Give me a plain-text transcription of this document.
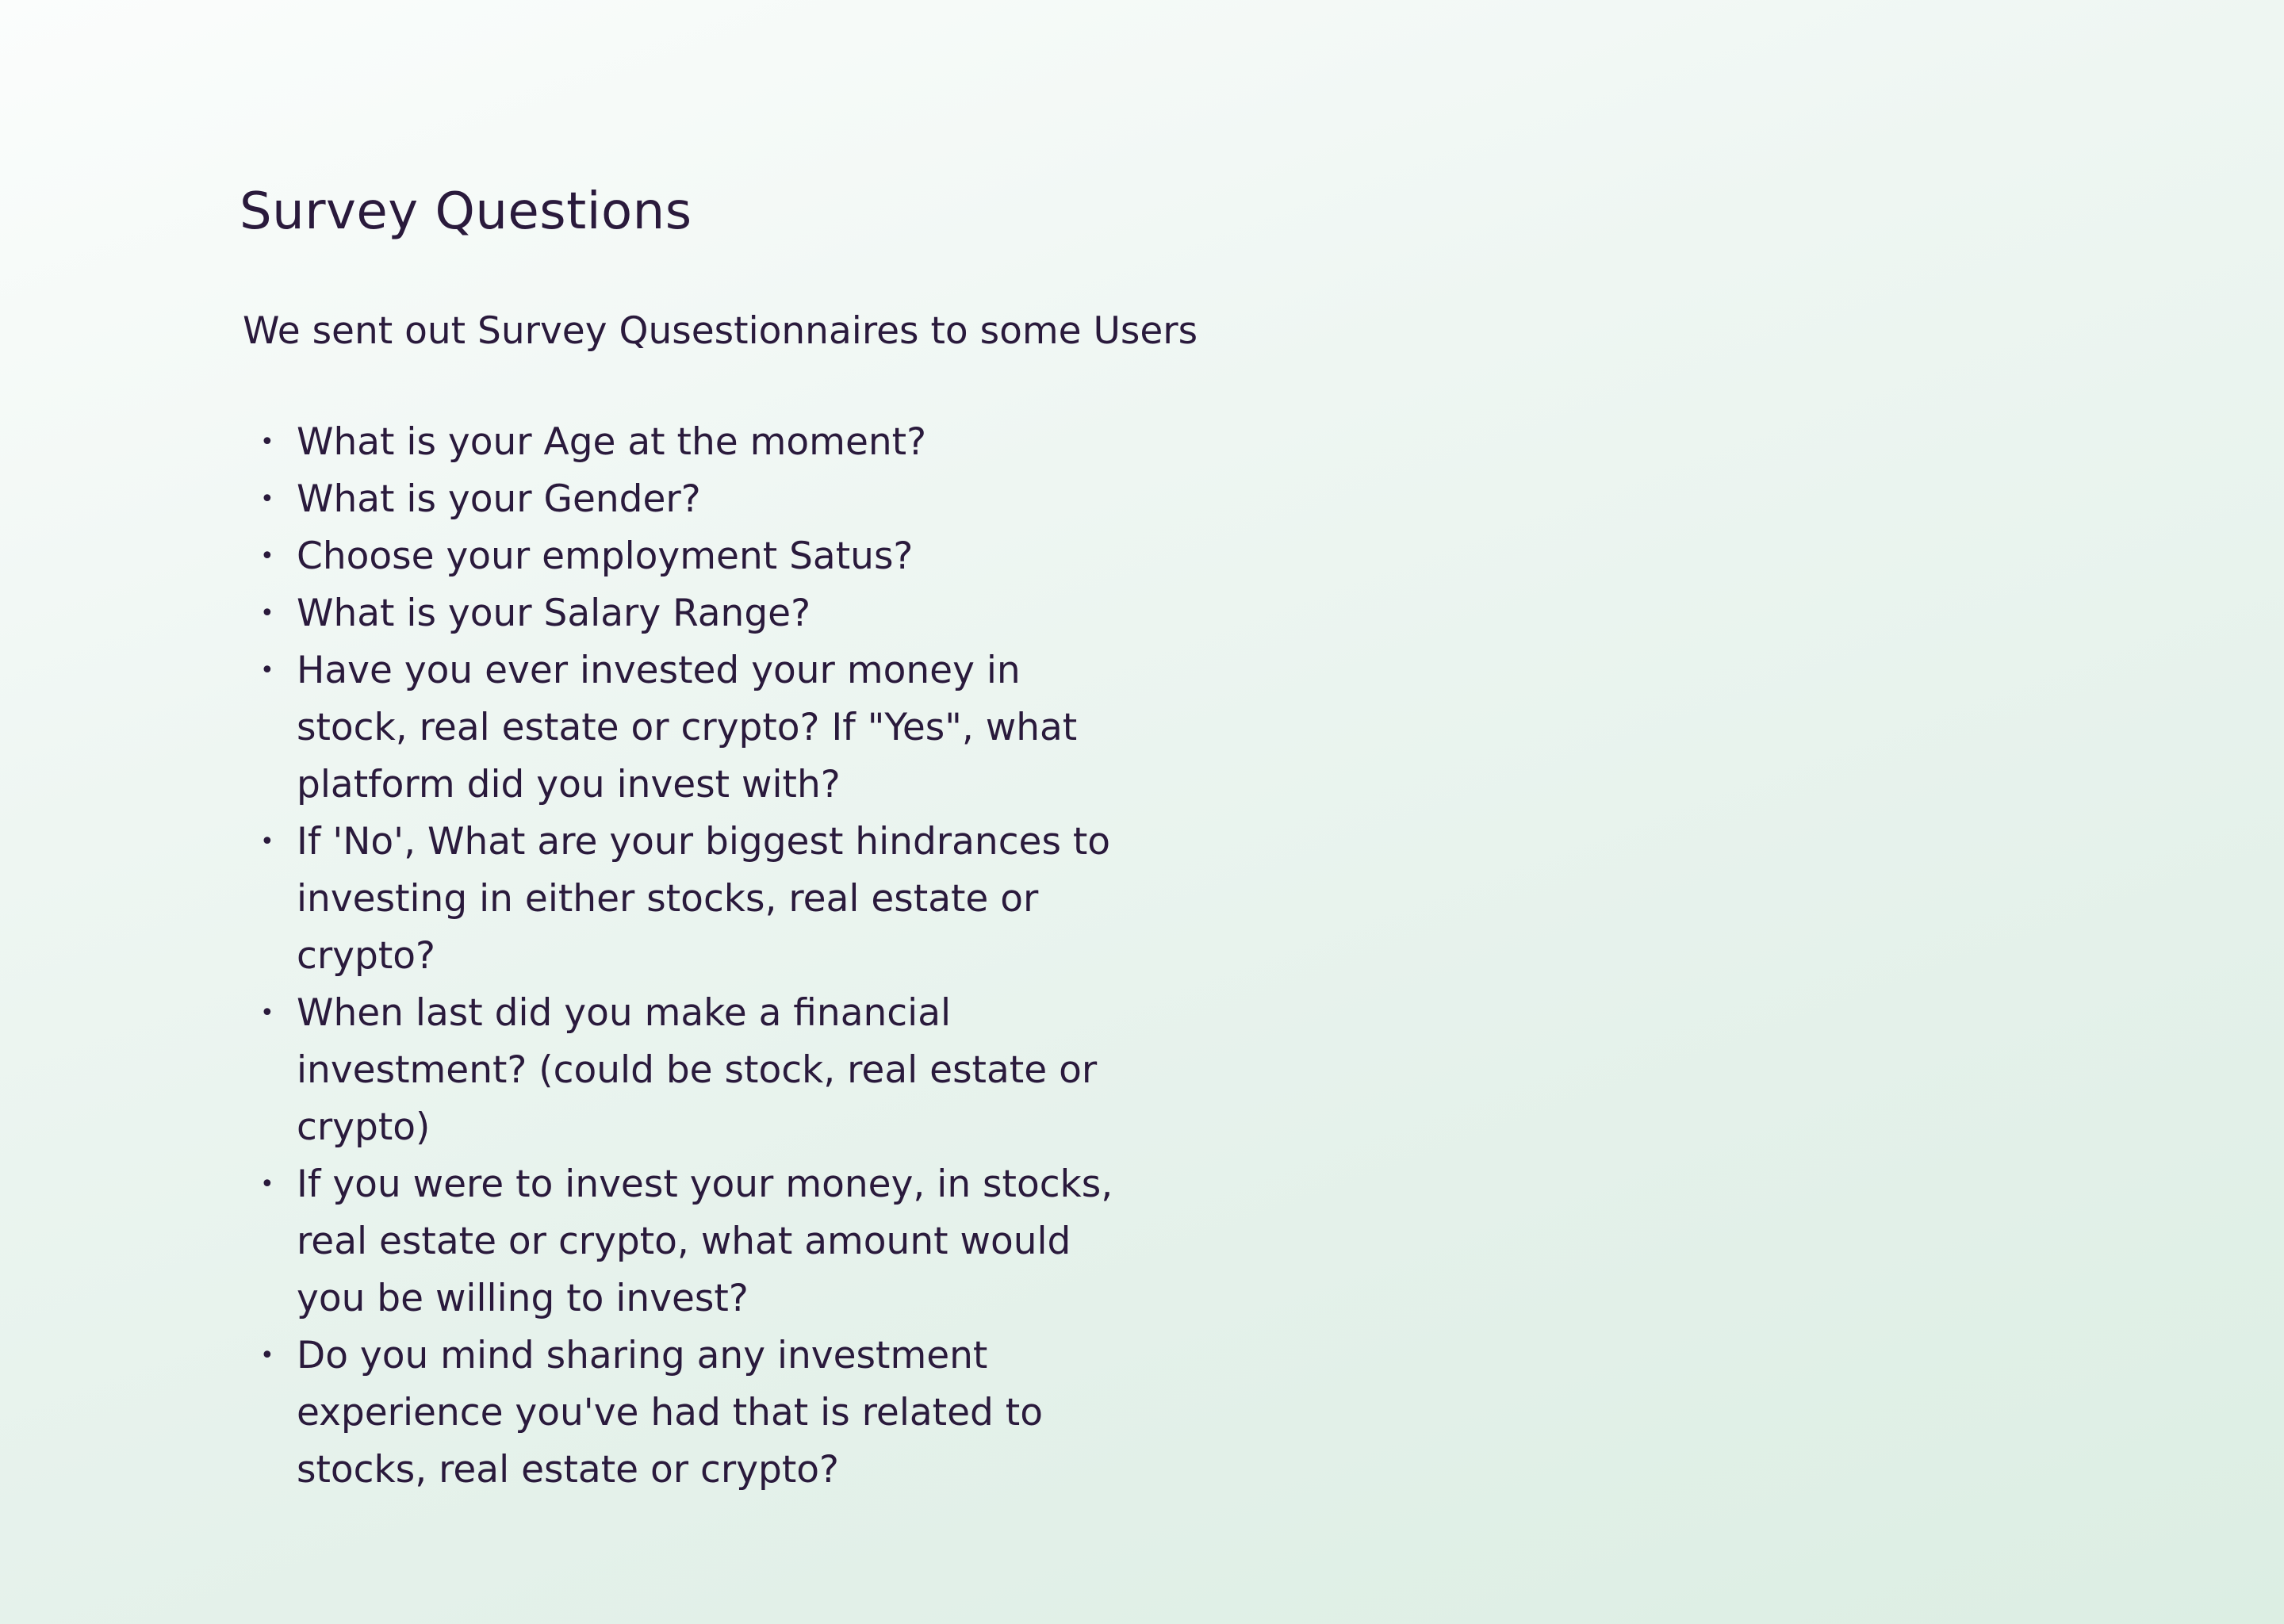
Survey Questions

We sent out Survey Qusestionnaires to some Users

• What is your Age at the moment?
• What is your Gender?
• Choose your employment Satus?
• What is your Salary Range?
• Have you ever invested your money in stock, real estate or crypto? If "Yes", what platform did you invest with?
• If 'No', What are your biggest hindrances to investing in either stocks, real estate or crypto?
• When last did you make a financial investment? (could be stock, real estate or crypto)
• If you were to invest your money, in stocks, real estate or crypto, what amount would you be willing to invest?
• Do you mind sharing any investment experience you've had that is related to stocks, real estate or crypto?
